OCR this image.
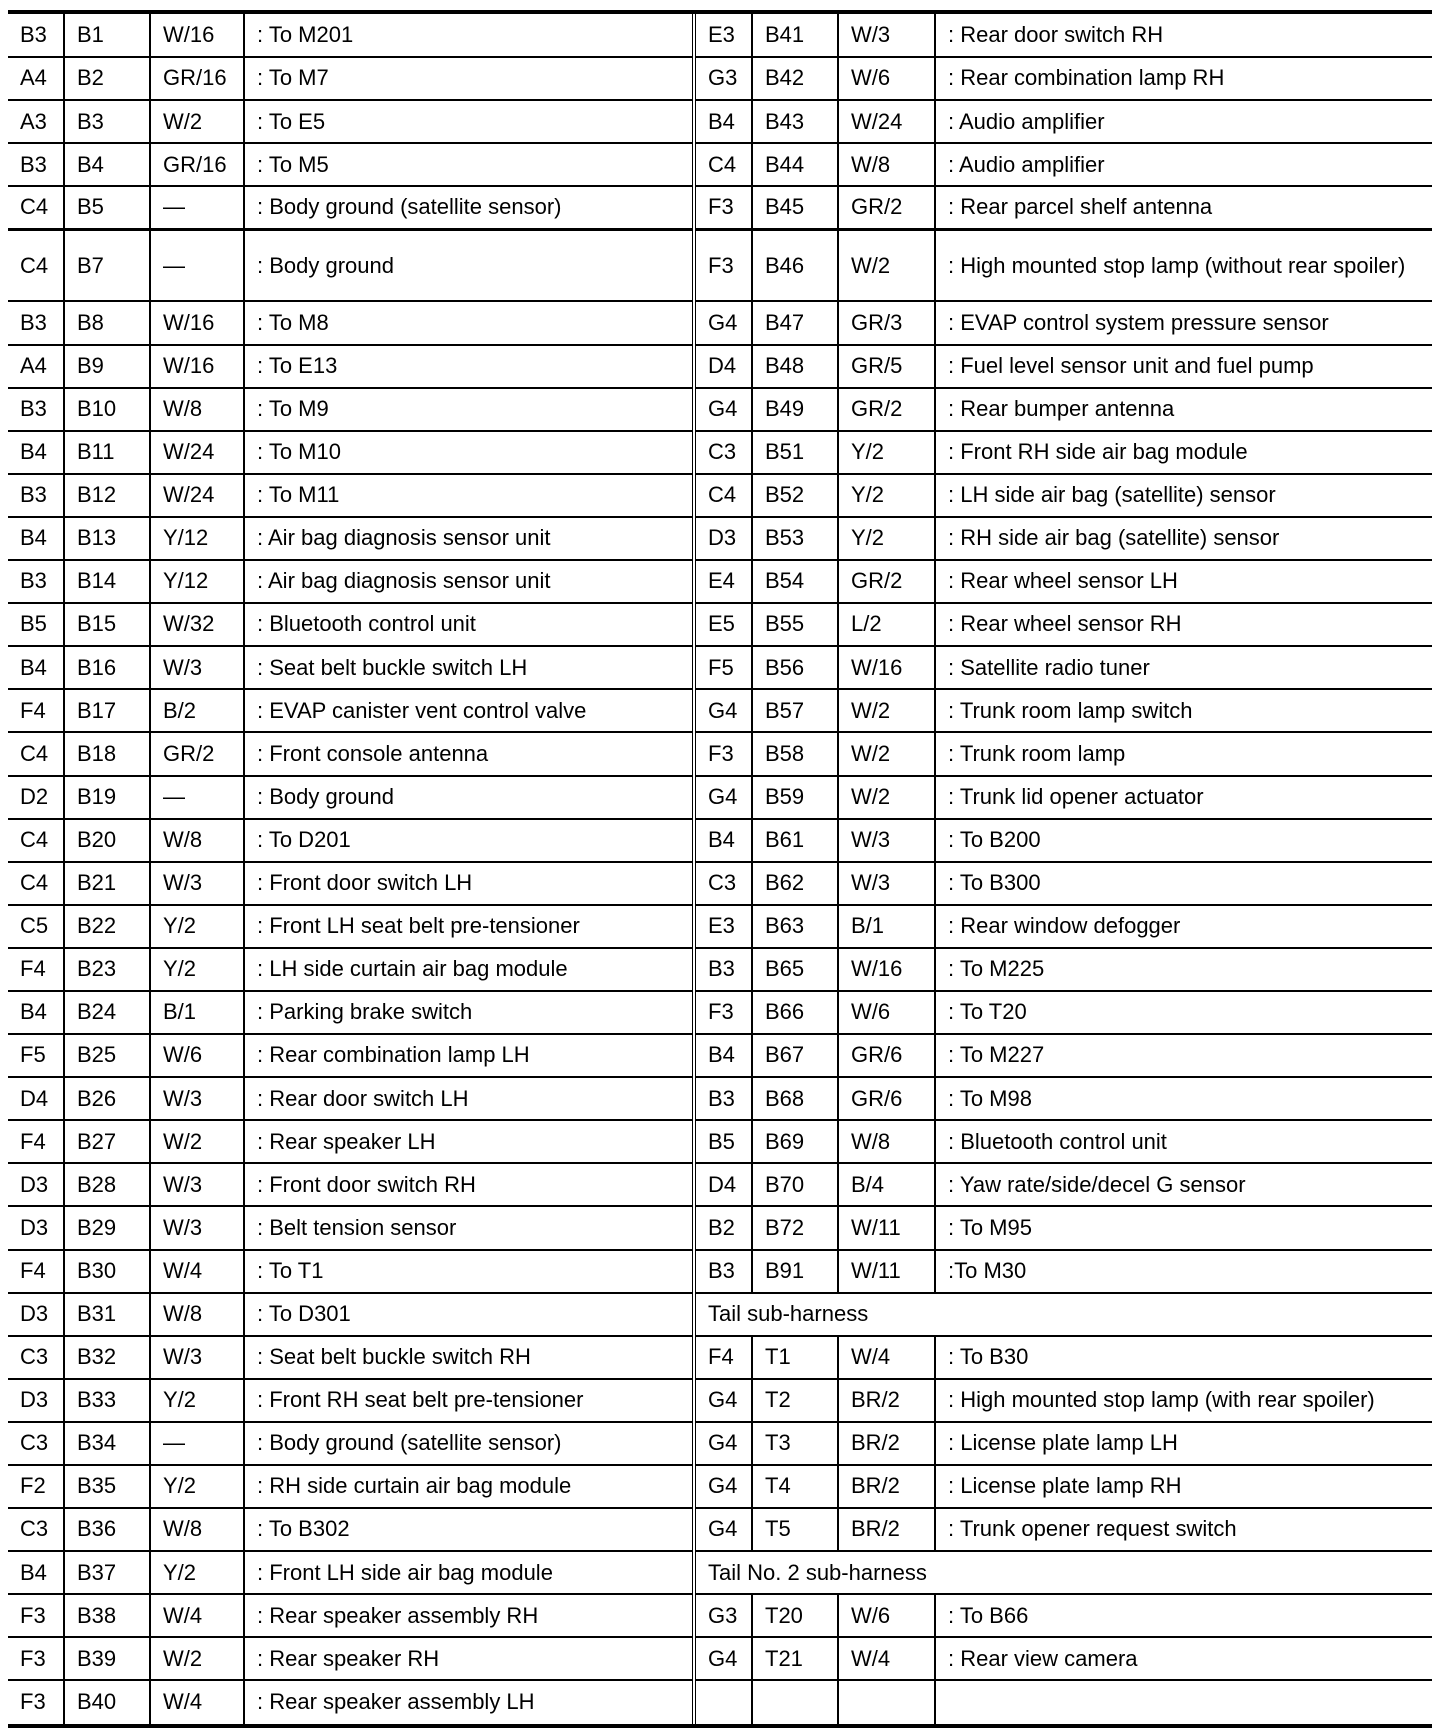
B3	B1	W/16	: To M201	E3	B41	W/3	: Rear door switch RH
A4	B2	GR/16	: To M7	G3	B42	W/6	: Rear combination lamp RH
A3	B3	W/2	: To E5	B4	B43	W/24	: Audio amplifier
B3	B4	GR/16	: To M5	C4	B44	W/8	: Audio amplifier
C4	B5	—	: Body ground (satellite sensor)	F3	B45	GR/2	: Rear parcel shelf antenna
C4	B7	—	: Body ground	F3	B46	W/2	: High mounted stop lamp (without rear spoiler)
B3	B8	W/16	: To M8	G4	B47	GR/3	: EVAP control system pressure sensor
A4	B9	W/16	: To E13	D4	B48	GR/5	: Fuel level sensor unit and fuel pump
B3	B10	W/8	: To M9	G4	B49	GR/2	: Rear bumper antenna
B4	B11	W/24	: To M10	C3	B51	Y/2	: Front RH side air bag module
B3	B12	W/24	: To M11	C4	B52	Y/2	: LH side air bag (satellite) sensor
B4	B13	Y/12	: Air bag diagnosis sensor unit	D3	B53	Y/2	: RH side air bag (satellite) sensor
B3	B14	Y/12	: Air bag diagnosis sensor unit	E4	B54	GR/2	: Rear wheel sensor LH
B5	B15	W/32	: Bluetooth control unit	E5	B55	L/2	: Rear wheel sensor RH
B4	B16	W/3	: Seat belt buckle switch LH	F5	B56	W/16	: Satellite radio tuner
F4	B17	B/2	: EVAP canister vent control valve	G4	B57	W/2	: Trunk room lamp switch
C4	B18	GR/2	: Front console antenna	F3	B58	W/2	: Trunk room lamp
D2	B19	—	: Body ground	G4	B59	W/2	: Trunk lid opener actuator
C4	B20	W/8	: To D201	B4	B61	W/3	: To B200
C4	B21	W/3	: Front door switch LH	C3	B62	W/3	: To B300
C5	B22	Y/2	: Front LH seat belt pre-tensioner	E3	B63	B/1	: Rear window defogger
F4	B23	Y/2	: LH side curtain air bag module	B3	B65	W/16	: To M225
B4	B24	B/1	: Parking brake switch	F3	B66	W/6	: To T20
F5	B25	W/6	: Rear combination lamp LH	B4	B67	GR/6	: To M227
D4	B26	W/3	: Rear door switch LH	B3	B68	GR/6	: To M98
F4	B27	W/2	: Rear speaker LH	B5	B69	W/8	: Bluetooth control unit
D3	B28	W/3	: Front door switch RH	D4	B70	B/4	: Yaw rate/side/decel G sensor
D3	B29	W/3	: Belt tension sensor	B2	B72	W/11	: To M95
F4	B30	W/4	: To T1	B3	B91	W/11	:To M30
D3	B31	W/8	: To D301	Tail sub-harness			
C3	B32	W/3	: Seat belt buckle switch RH	F4	T1	W/4	: To B30
D3	B33	Y/2	: Front RH seat belt pre-tensioner	G4	T2	BR/2	: High mounted stop lamp (with rear spoiler)
C3	B34	—	: Body ground (satellite sensor)	G4	T3	BR/2	: License plate lamp LH
F2	B35	Y/2	: RH side curtain air bag module	G4	T4	BR/2	: License plate lamp RH
C3	B36	W/8	: To B302	G4	T5	BR/2	: Trunk opener request switch
B4	B37	Y/2	: Front LH side air bag module	Tail No. 2 sub-harness			
F3	B38	W/4	: Rear speaker assembly RH	G3	T20	W/6	: To B66
F3	B39	W/2	: Rear speaker RH	G4	T21	W/4	: Rear view camera
F3	B40	W/4	: Rear speaker assembly LH				
